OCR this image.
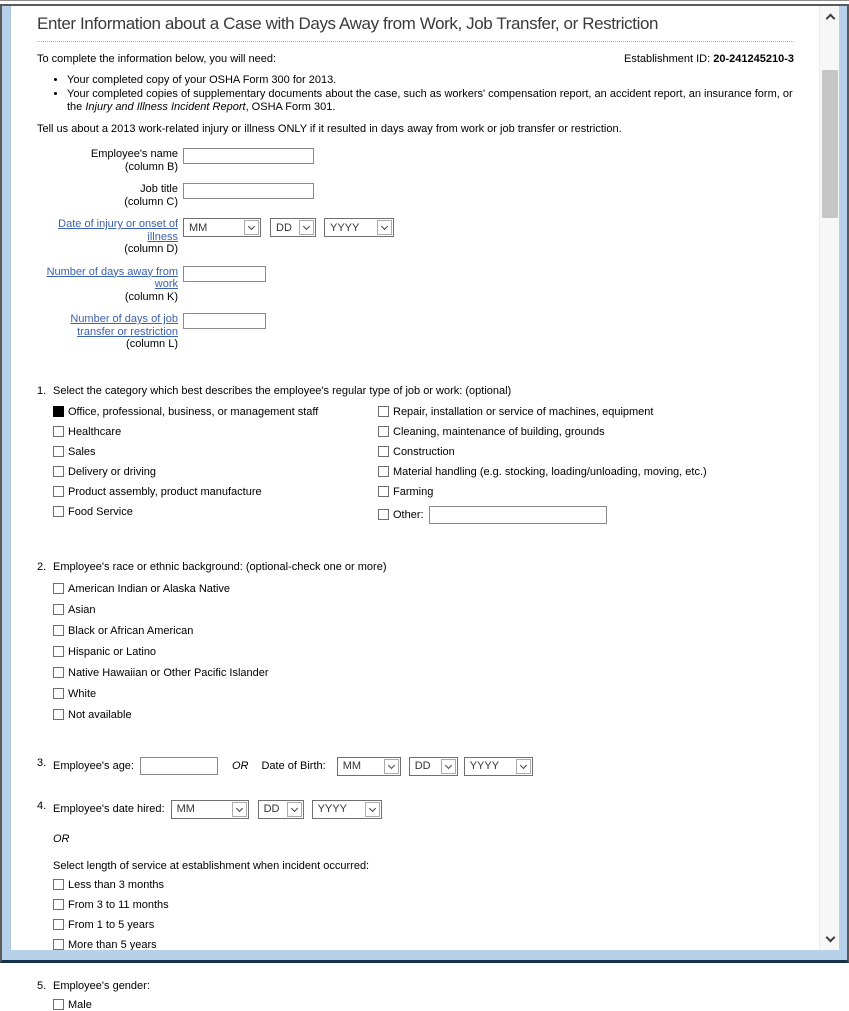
Enter Information about a Case with Days Away from Work, Job Transfer, or Restriction
To complete the information below, you will need:	Establishment ID: 20-241245210-3
• Your completed copy of your OSHA Form 300 for 2013.
• Your completed copies of supplementary documents about the case, such as workers' compensation report, an accident report, an insurance form, or the Injury and Illness Incident Report, OSHA Form 301.
Tell us about a 2013 work-related injury or illness ONLY if it resulted in days away from work or job transfer or restriction.
Employee's name
(column B)
Job title
(column C)
Date of injury or onset of illness
(column D)
MM	DD	YYYY
Number of days away from work
(column K)
Number of days of job transfer or restriction
(column L)
1. Select the category which best describes the employee's regular type of job or work: (optional)
Office, professional, business, or management staff
Healthcare
Sales
Delivery or driving
Product assembly, product manufacture
Food Service
Repair, installation or service of machines, equipment
Cleaning, maintenance of building, grounds
Construction
Material handling (e.g. stocking, loading/unloading, moving, etc.)
Farming
Other:
2. Employee's race or ethnic background: (optional-check one or more)
American Indian or Alaska Native
Asian
Black or African American
Hispanic or Latino
Native Hawaiian or Other Pacific Islander
White
Not available
3. Employee's age:	OR Date of Birth: MM	DD	YYYY
4. Employee's date hired: MM	DD	YYYY
OR
Select length of service at establishment when incident occurred:
Less than 3 months
From 3 to 11 months
From 1 to 5 years
More than 5 years
5. Employee's gender:
Male
